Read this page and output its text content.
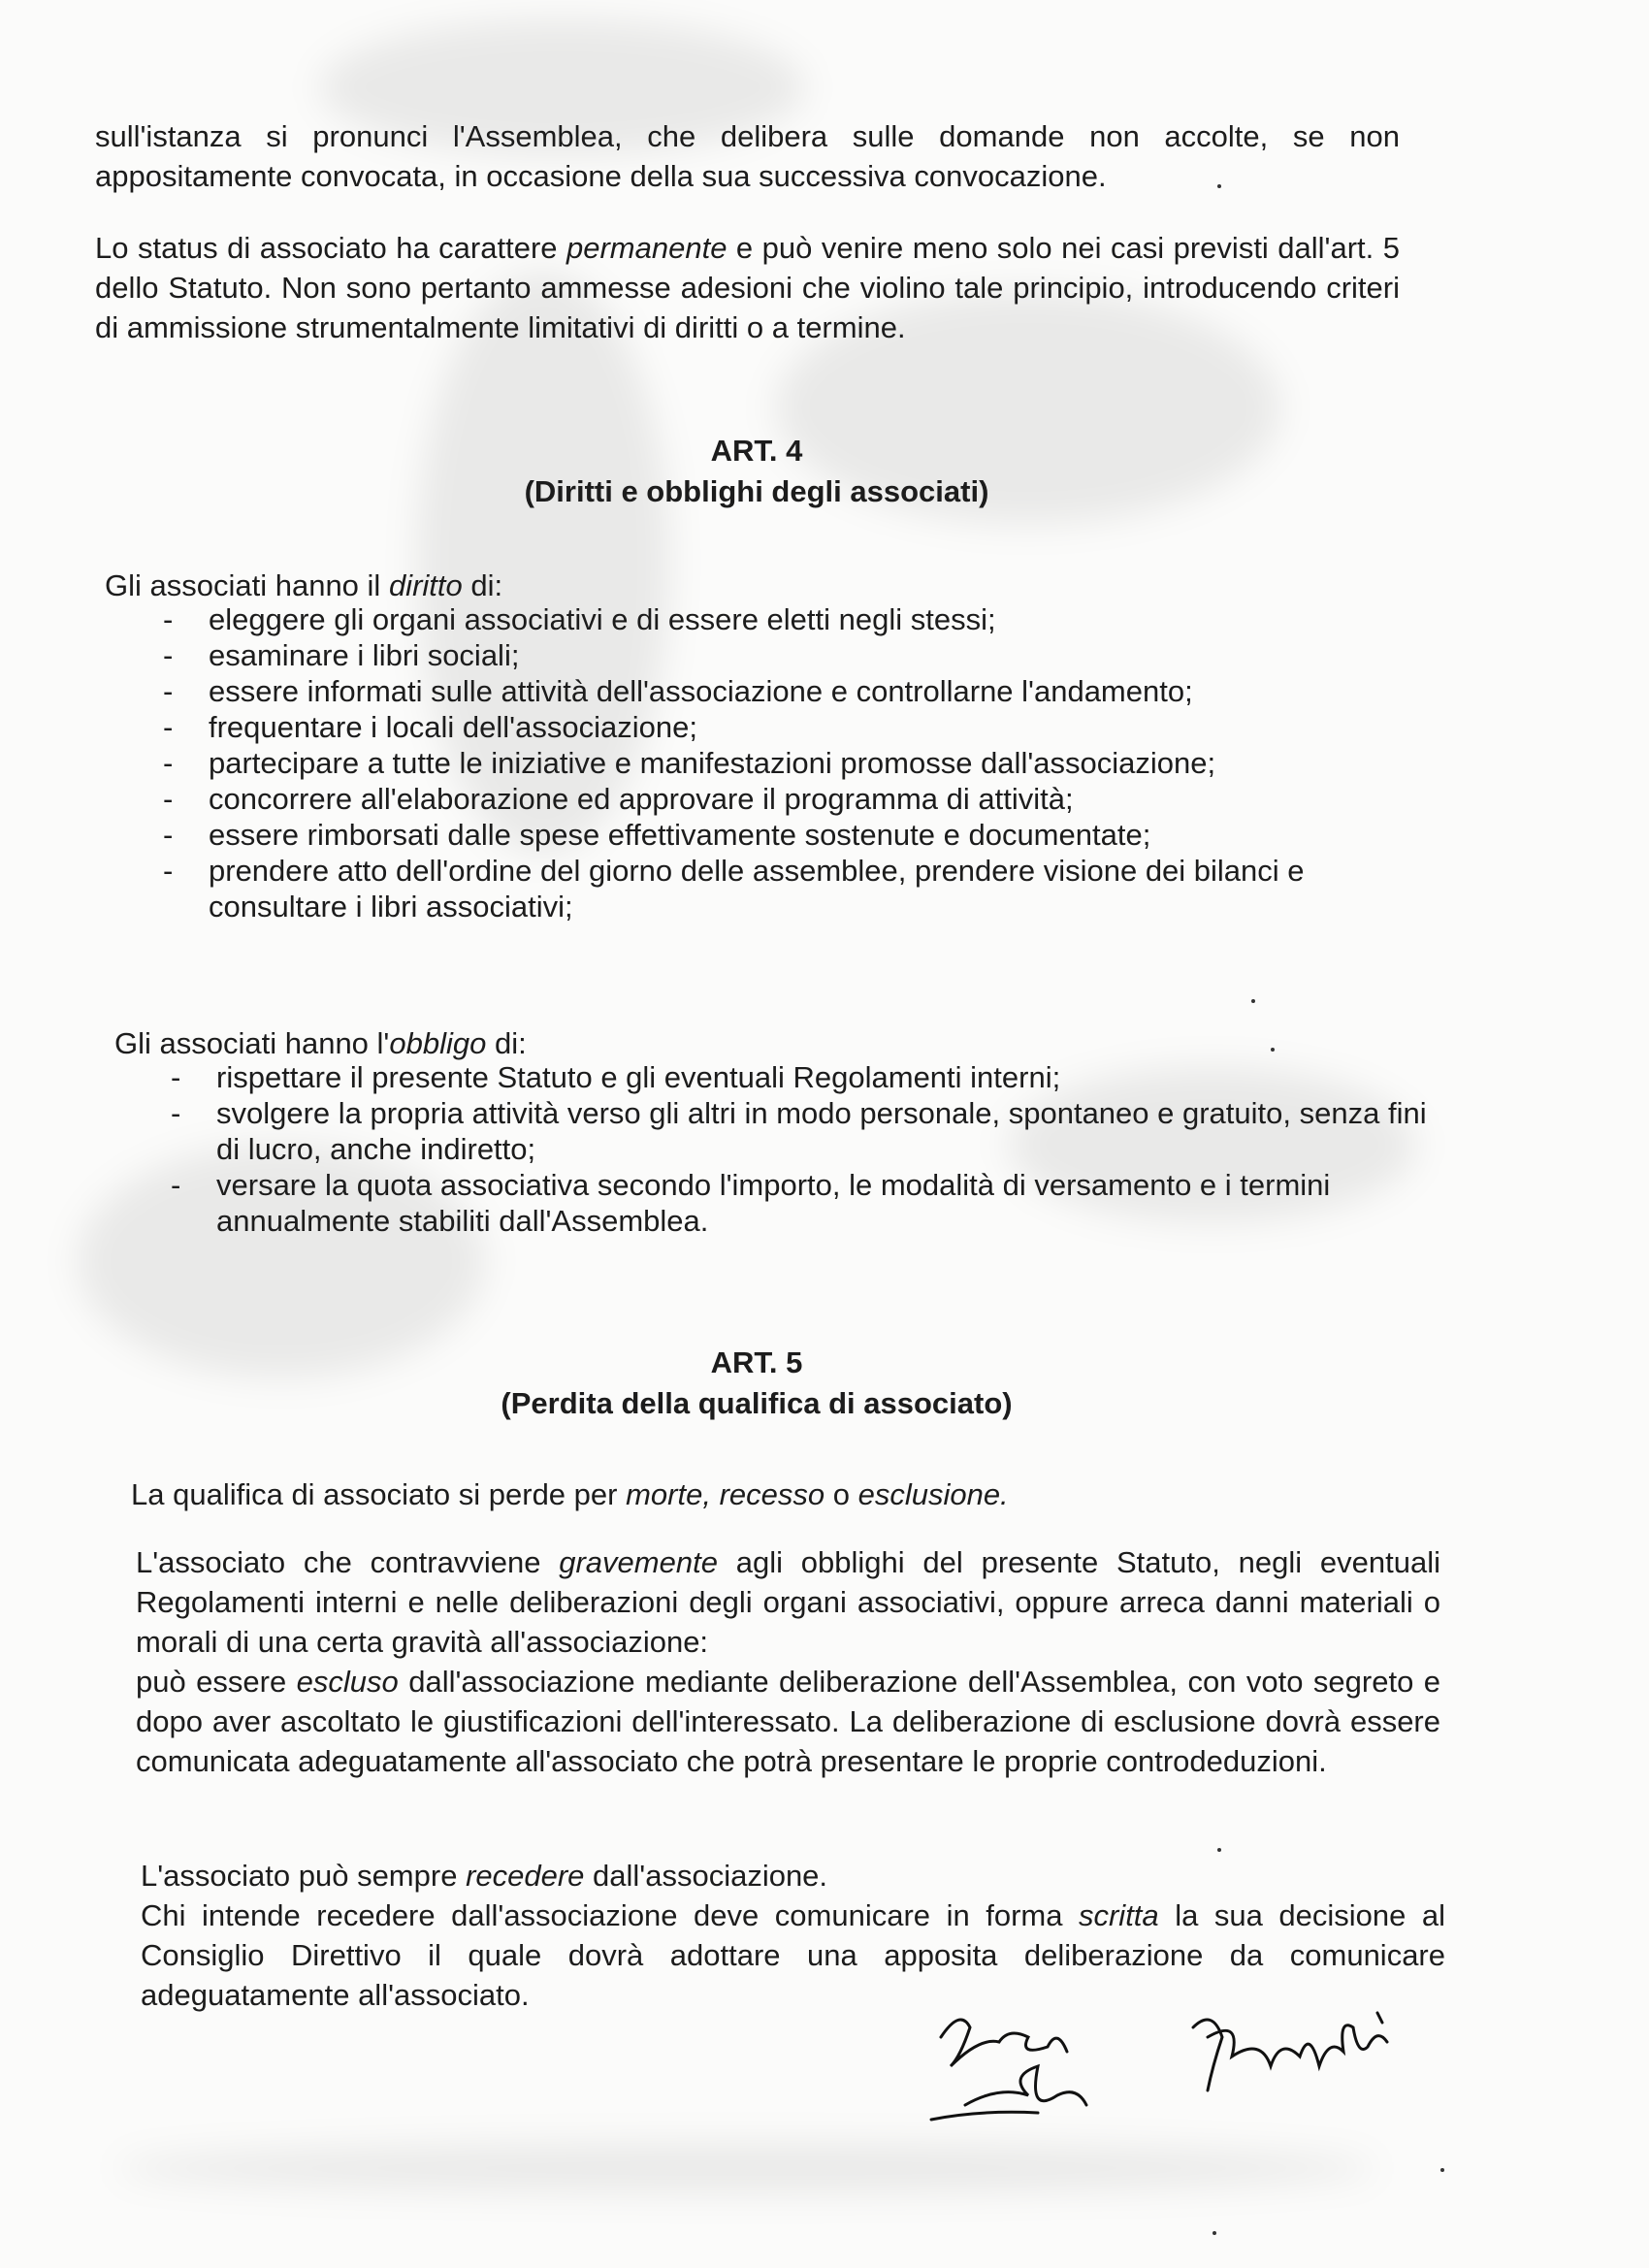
sull'istanza si pronunci l'Assemblea, che delibera sulle domande non accolte, se non appositamente convocata, in occasione della sua successiva convocazione.

Lo status di associato ha carattere permanente e può venire meno solo nei casi previsti dall'art. 5 dello Statuto. Non sono pertanto ammesse adesioni che violino tale principio, introducendo criteri di ammissione strumentalmente limitativi di diritti o a termine.

ART. 4
(Diritti e obblighi degli associati)

Gli associati hanno il diritto di:

- eleggere gli organi associativi e di essere eletti negli stessi;
- esaminare i libri sociali;
- essere informati sulle attività dell'associazione e controllarne l'andamento;
- frequentare i locali dell'associazione;
- partecipare a tutte le iniziative e manifestazioni promosse dall'associazione;
- concorrere all'elaborazione ed approvare il programma di attività;
- essere rimborsati dalle spese effettivamente sostenute e documentate;
- prendere atto dell'ordine del giorno delle assemblee, prendere visione dei bilanci e consultare i libri associativi;

Gli associati hanno l'obbligo di:

- rispettare il presente Statuto e gli eventuali Regolamenti interni;
- svolgere la propria attività verso gli altri in modo personale, spontaneo e gratuito, senza fini di lucro, anche indiretto;
- versare la quota associativa secondo l'importo, le modalità di versamento e i termini annualmente stabiliti dall'Assemblea.
ART. 5
(Perdita della qualifica di associato)

La qualifica di associato si perde per morte, recesso o esclusione.

L'associato che contravviene gravemente agli obblighi del presente Statuto, negli eventuali Regolamenti interni e nelle deliberazioni degli organi associativi, oppure arreca danni materiali o morali di una certa gravità all'associazione:
può essere escluso dall'associazione mediante deliberazione dell'Assemblea, con voto segreto e dopo aver ascoltato le giustificazioni dell'interessato. La deliberazione di esclusione dovrà essere comunicata adeguatamente all'associato che potrà presentare le proprie controdeduzioni.

L'associato può sempre recedere dall'associazione.

Chi intende recedere dall'associazione deve comunicare in forma scritta la sua decisione al Consiglio Direttivo il quale dovrà adottare una apposita deliberazione da comunicare adeguatamente all'associato.
